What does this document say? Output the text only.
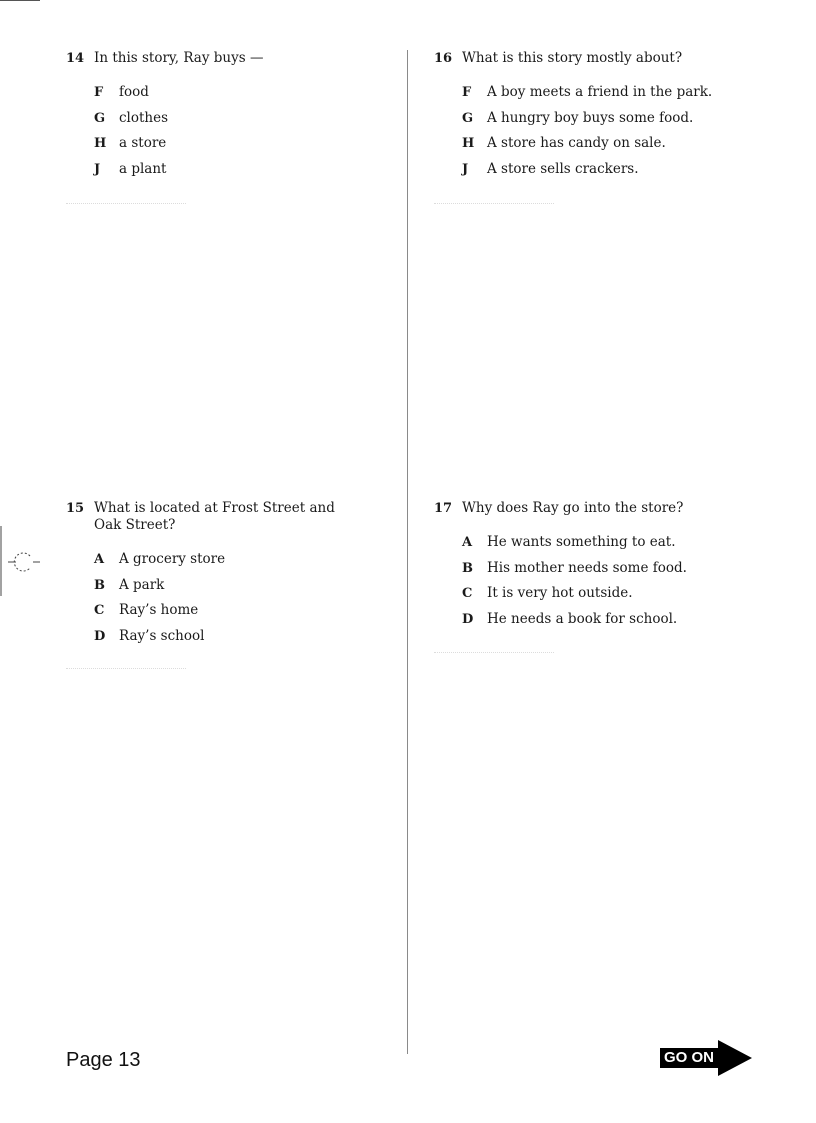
14 In this story, Ray buys —
F	food
G	clothes
H a store
J	a plant
16 What is this story mostly about?
F	A boy meets a friend in the park.
G	A hungry boy buys some food.
H A store has candy on sale.
J	A store sells crackers.
15 What is located at Frost Street and Oak Street?
A	A grocery store
B	A park
C	Ray’s home
D	Ray’s school
17 Why does Ray go into the store?
A	He wants something to eat.
B	His mother needs some food.
C	It is very hot outside.
D	He needs a book for school.
Page 13	GO ON
